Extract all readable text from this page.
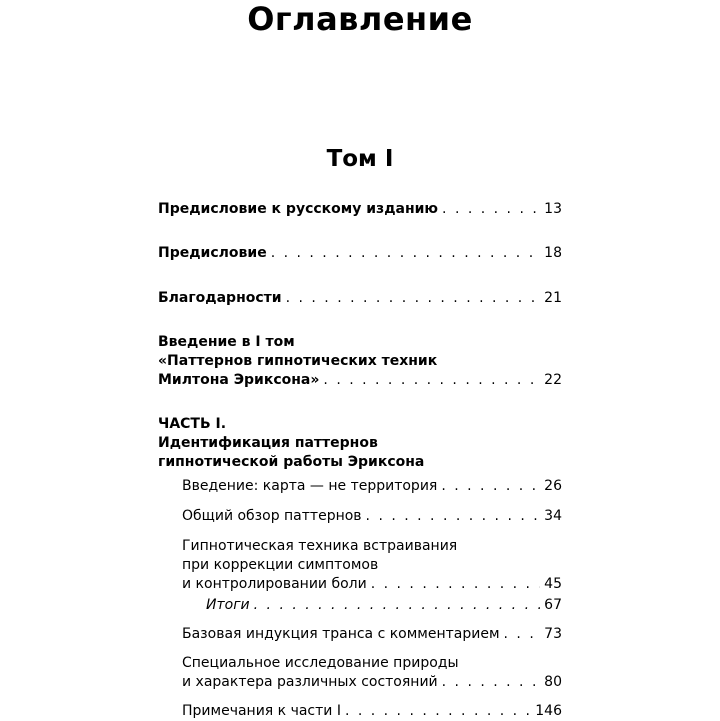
Оглавление
Том I
Предисловие к русскому изданию . . .	13
Предисловие . . .	18
Благодарности . . .	21
Введение в I том
«Паттернов гипнотических техник
Милтона Эриксона» . . .	22
ЧАСТЬ I.
Идентификация паттернов
гипнотической работы Эриксона
Введение: карта — не территория . . .	26
Общий обзор паттернов . . .	34
Гипнотическая техника встраивания
при коррекции симптомов
и контролировании боли . . .	45
Итоги . . .	67
Базовая индукция транса с комментарием . . .	73
Специальное исследование природы
и характера различных состояний . . .	80
Примечания к части I . . .	146
